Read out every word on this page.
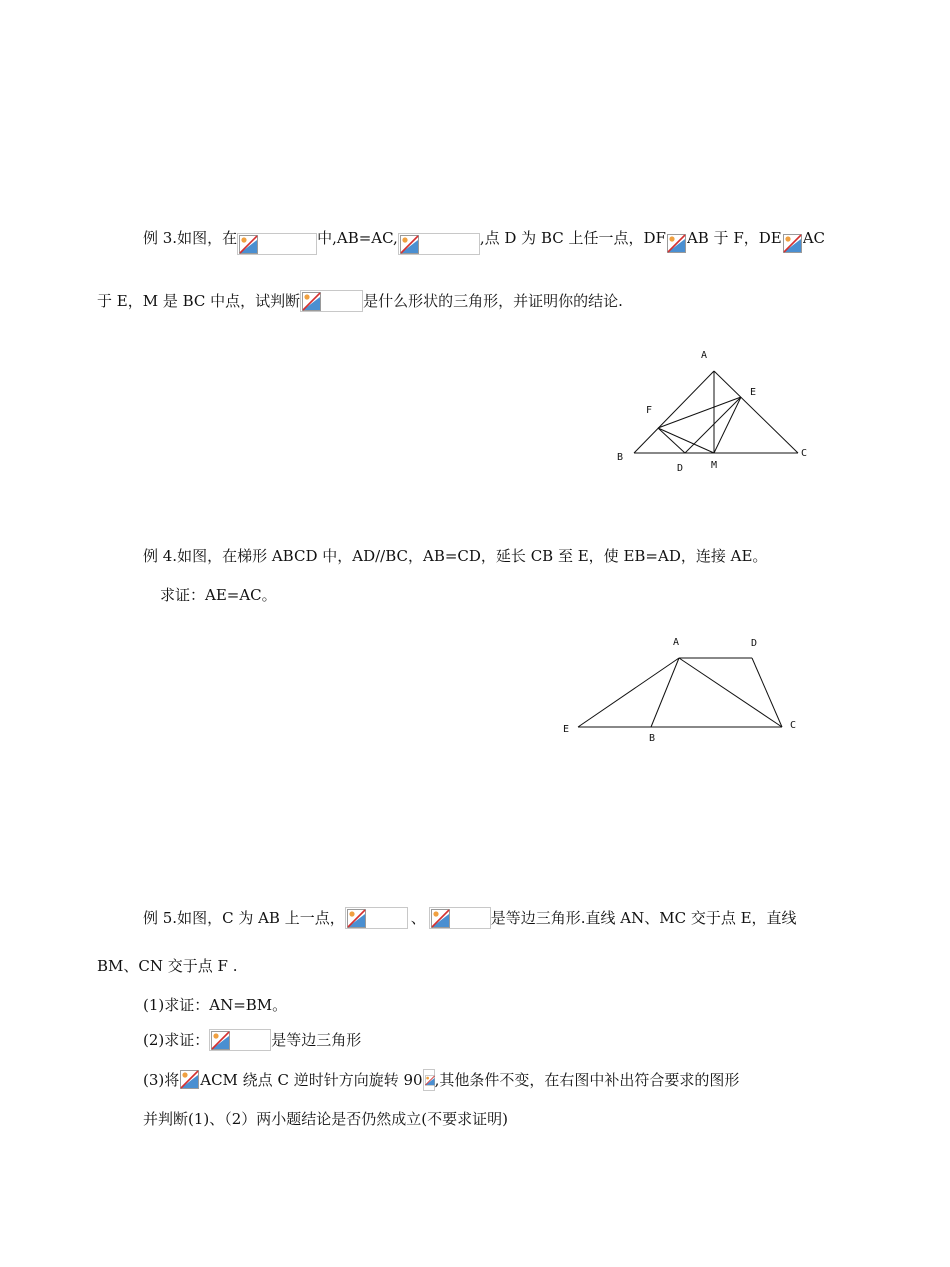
例 3.如图，在	中,AB=AC,	,点 D 为 BC 上任一点，DF AB 于 F，DE AC
于 E，M 是 BC 中点，试判断	是什么形状的三角形，并证明你的结论.
A
E
F
B	C
D	M
例 4.如图，在梯形 ABCD 中，AD//BC，AB=CD，延长 CB 至 E，使 EB=AD，连接 AE。
求证：AE=AC。
A	D
E
B
C
例 5.如图，C 为 AB 上一点，	、	是等边三角形.直线 AN、MC 交于点 E，直线
BM、CN 交于点 F .
(1)求证：AN=BM。
(2)求证：	是等边三角形
(3)将 ACM 绕点 C 逆时针方向旋转 90 ,其他条件不变，在右图中补出符合要求的图形
并判断(1)、（2）两小题结论是否仍然成立(不要求证明)
